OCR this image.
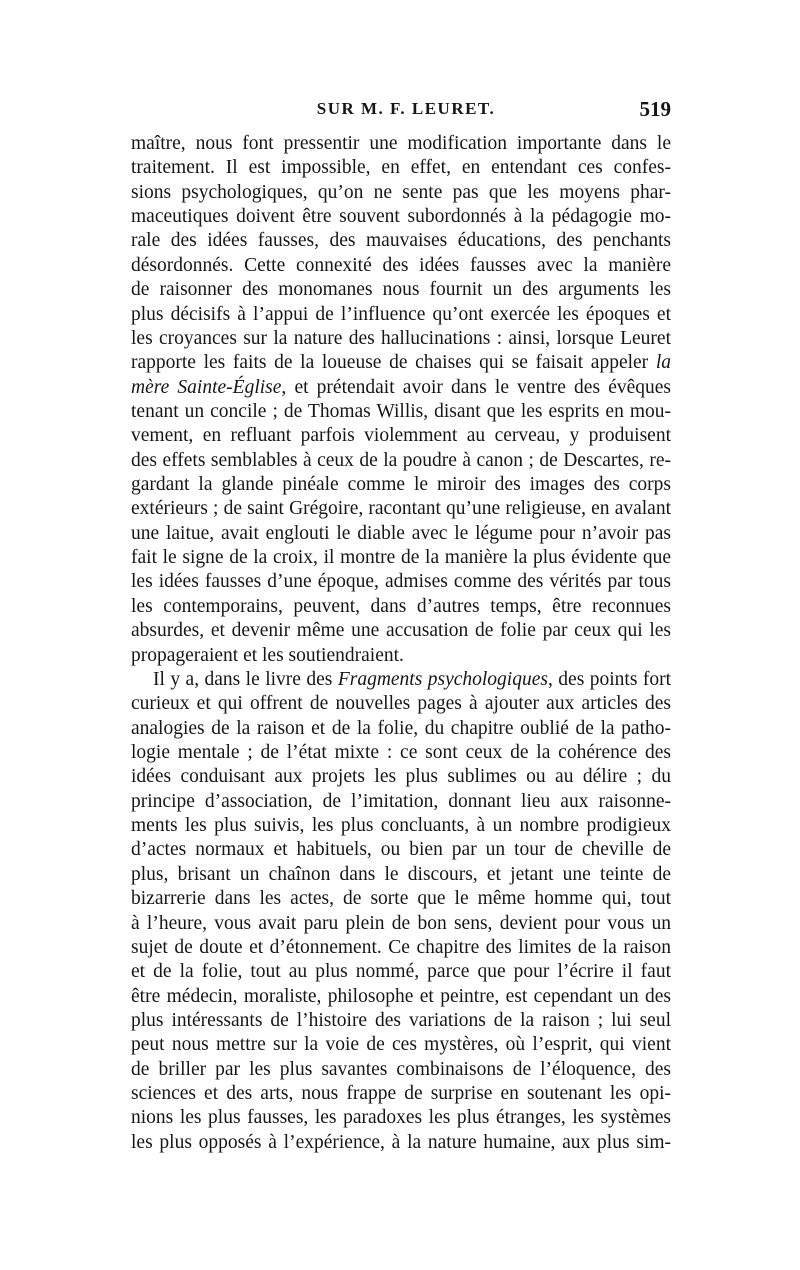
SUR M. F. LEURET.	519
maître, nous font pressentir une modification importante dans le
traitement. Il est impossible, en effet, en entendant ces confes-
sions psychologiques, qu’on ne sente pas que les moyens phar-
maceutiques doivent être souvent subordonnés à la pédagogie mo-
rale des idées fausses, des mauvaises éducations, des penchants
désordonnés. Cette connexité des idées fausses avec la manière
de raisonner des monomanes nous fournit un des arguments les
plus décisifs à l’appui de l’influence qu’ont exercée les époques et
les croyances sur la nature des hallucinations : ainsi, lorsque Leuret
rapporte les faits de la loueuse de chaises qui se faisait appeler la
mère Sainte-Église, et prétendait avoir dans le ventre des évêques
tenant un concile ; de Thomas Willis, disant que les esprits en mou-
vement, en refluant parfois violemment au cerveau, y produisent
des effets semblables à ceux de la poudre à canon ; de Descartes, re-
gardant la glande pinéale comme le miroir des images des corps
extérieurs ; de saint Grégoire, racontant qu’une religieuse, en avalant
une laitue, avait englouti le diable avec le légume pour n’avoir pas
fait le signe de la croix, il montre de la manière la plus évidente que
les idées fausses d’une époque, admises comme des vérités par tous
les contemporains, peuvent, dans d’autres temps, être reconnues
absurdes, et devenir même une accusation de folie par ceux qui les
propageraient et les soutiendraient.
Il y a, dans le livre des Fragments psychologiques, des points fort
curieux et qui offrent de nouvelles pages à ajouter aux articles des
analogies de la raison et de la folie, du chapitre oublié de la patho-
logie mentale ; de l’état mixte : ce sont ceux de la cohérence des
idées conduisant aux projets les plus sublimes ou au délire ; du
principe d’association, de l’imitation, donnant lieu aux raisonne-
ments les plus suivis, les plus concluants, à un nombre prodigieux
d’actes normaux et habituels, ou bien par un tour de cheville de
plus, brisant un chaînon dans le discours, et jetant une teinte de
bizarrerie dans les actes, de sorte que le même homme qui, tout
à l’heure, vous avait paru plein de bon sens, devient pour vous un
sujet de doute et d’étonnement. Ce chapitre des limites de la raison
et de la folie, tout au plus nommé, parce que pour l’écrire il faut
être médecin, moraliste, philosophe et peintre, est cependant un des
plus intéressants de l’histoire des variations de la raison ; lui seul
peut nous mettre sur la voie de ces mystères, où l’esprit, qui vient
de briller par les plus savantes combinaisons de l’éloquence, des
sciences et des arts, nous frappe de surprise en soutenant les opi-
nions les plus fausses, les paradoxes les plus étranges, les systèmes
les plus opposés à l’expérience, à la nature humaine, aux plus sim-
